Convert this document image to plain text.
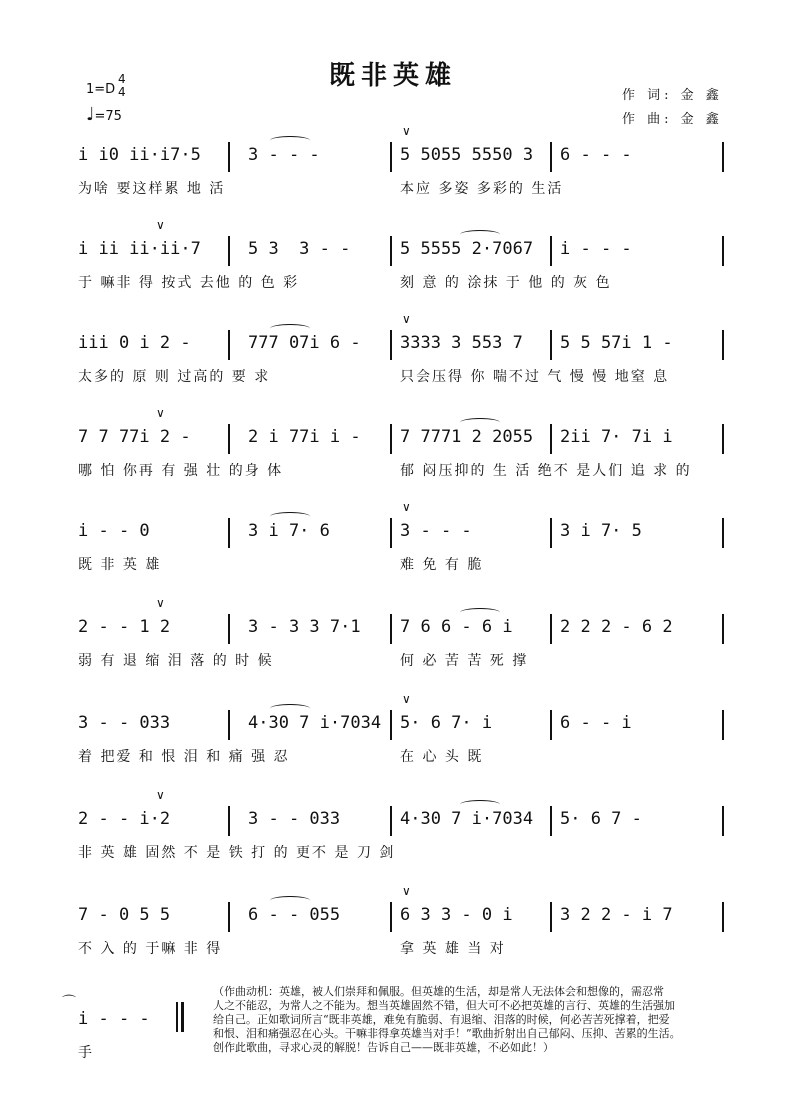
既非英雄
1=D
4
4
♩=75
作 词: 金 鑫
作 曲: 金 鑫
i i0 ii·i7·5	3 - - -	5 5055 5550 3 6 - - -
为啥 要这样累 地 活	本应 多姿 多彩的 生活
∨
i ii ii·ii·7	5 3  3 - -	5 5555 2·7067 i - - -
于 嘛非 得 按式 去他 的 色 彩	刻 意 的 涂抹 于 他 的 灰 色
∨
iii 0 i 2 -	777 07i 6 - 3333 3 553 7 5 5 57i 1 -
太多的 原 则 过高的 要 求	只会压得 你 喘不过 气 慢 慢 地窒 息
∨
7 7 77i 2 -	2 i 77i i - 7 7771 2 2055 2ii 7· 7i i
哪 怕 你再 有 强 壮 的身 体	郁 闷压抑的 生 活 绝不 是人们 追 求 的
∨
i - - 0	3 i 7· 6	3 - - -	3 i 7· 5
既 非 英 雄	难 免 有 脆
∨
2 - - 1 2	3 - 3 3 7·1 7 6 6 - 6 i	2 2 2 - 6 2
弱 有 退 缩 泪 落 的 时 候	何 必 苦 苦 死 撑
∨
3 - - 033	4·30 7 i·7034 5· 6 7· i	6 - - i
着 把爱 和 恨 泪 和 痛 强 忍	在 心 头 既
∨
2 - - i·2	3 - - 033	4·30 7 i·7034 5· 6 7 -
非 英 雄 固然 不 是 铁 打 的 更不 是 刀 剑
∨
7 - 0 5 5	6 - - 055	6 3 3 - 0 i	3 2 2 - i 7
不 入 的 于嘛 非 得	拿 英 雄 当 对
∨
i - - -
手
⌒
（作曲动机：英雄，被人们崇拜和佩服。但英雄的生活，却是常人无法体会和想像的，需忍常
人之不能忍，为常人之不能为。想当英雄固然不错，但大可不必把英雄的言行、英雄的生活强加
给自己。正如歌词所言“既非英雄，难免有脆弱、有退缩、泪落的时候，何必苦苦死撑着，把爱
和恨、泪和痛强忍在心头。干嘛非得拿英雄当对手！”歌曲折射出自己郁闷、压抑、苦累的生活。
创作此歌曲，寻求心灵的解脱！告诉自己——既非英雄，不必如此！）
